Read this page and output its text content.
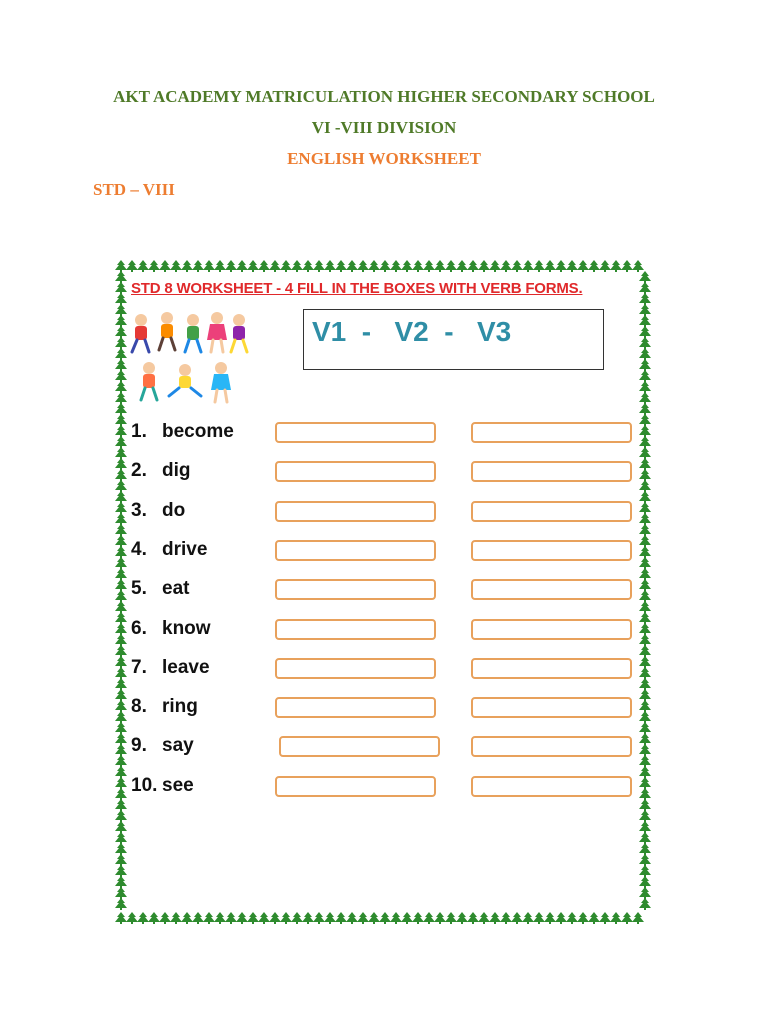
AKT ACADEMY MATRICULATION HIGHER SECONDARY SCHOOL

VI -VIII DIVISION

ENGLISH WORKSHEET

STD – VIII
STD 8 WORKSHEET - 4 FILL IN THE BOXES WITH VERB FORMS.
V1  -   V2  -   V3
1. become
2. dig
3. do
4. drive
5. eat
6. know
7. leave
8. ring
9. say
10. see
